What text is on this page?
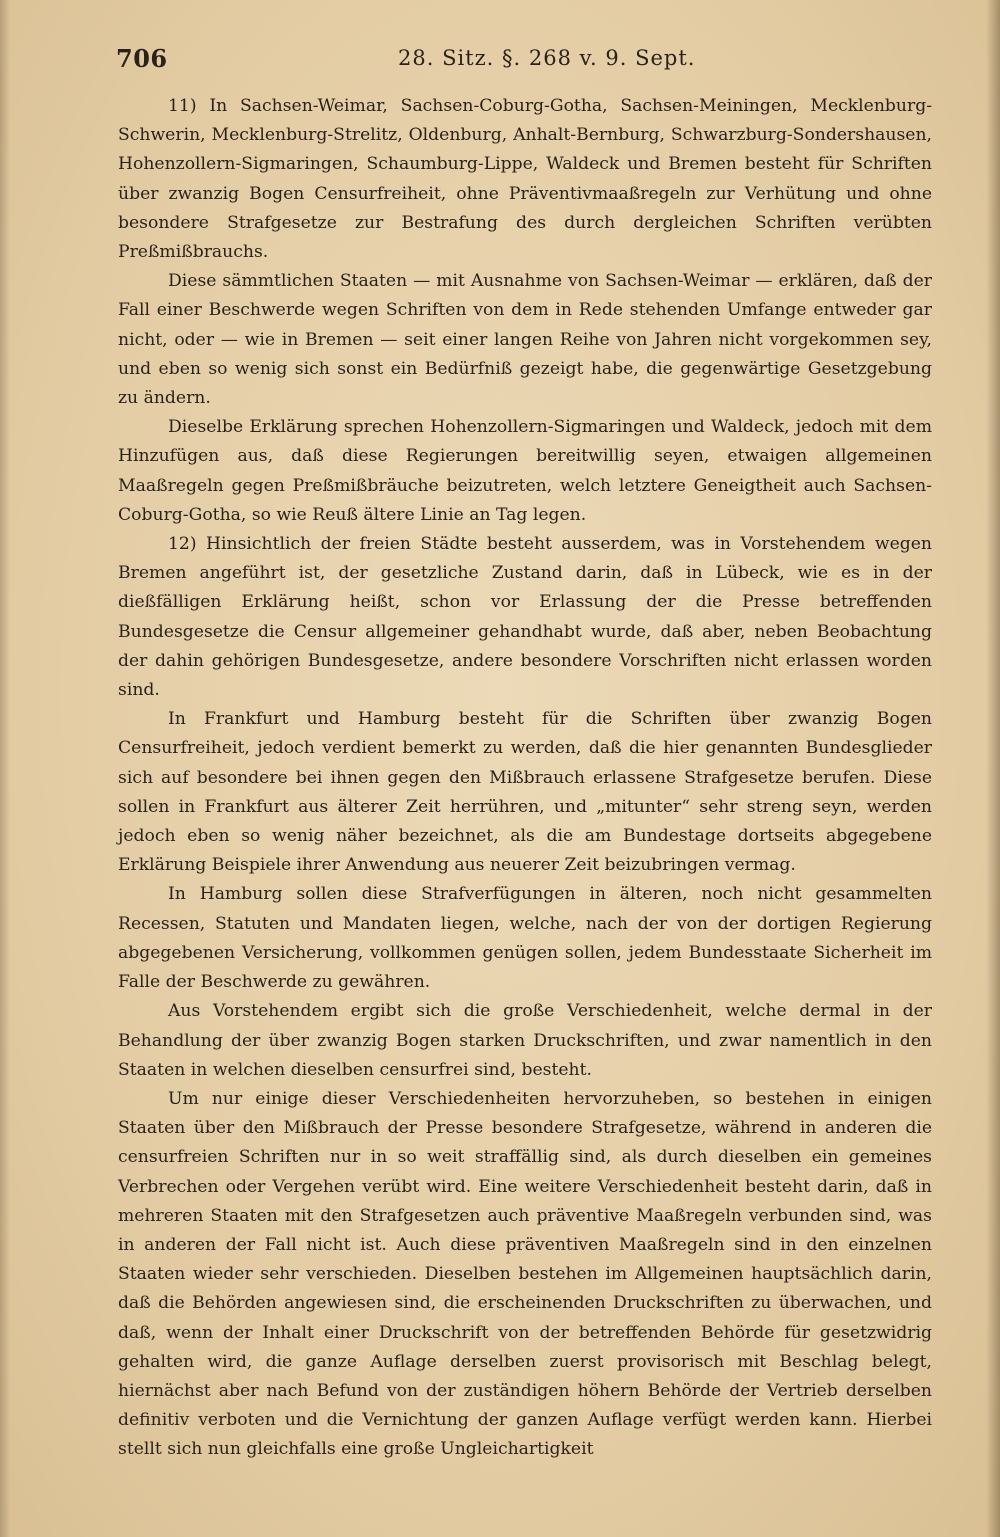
706	28. Sitz. §. 268 v. 9. Sept.

11) In Sachsen-Weimar, Sachsen-Coburg-Gotha, Sachsen-Meiningen, Mecklenburg-Schwerin, Mecklenburg-Strelitz, Oldenburg, Anhalt-Bernburg, Schwarzburg-Sondershausen, Hohenzollern-Sigmaringen, Schaumburg-Lippe, Waldeck und Bremen besteht für Schriften über zwanzig Bogen Censurfreiheit, ohne Präventivmaaßregeln zur Verhütung und ohne besondere Strafgesetze zur Bestrafung des durch dergleichen Schriften verübten Preßmißbrauchs.

Diese sämmtlichen Staaten — mit Ausnahme von Sachsen-Weimar — erklären, daß der Fall einer Beschwerde wegen Schriften von dem in Rede stehenden Umfange entweder gar nicht, oder — wie in Bremen — seit einer langen Reihe von Jahren nicht vorgekommen sey, und eben so wenig sich sonst ein Bedürfniß gezeigt habe, die gegenwärtige Gesetzgebung zu ändern.

Dieselbe Erklärung sprechen Hohenzollern-Sigmaringen und Waldeck, jedoch mit dem Hinzufügen aus, daß diese Regierungen bereitwillig seyen, etwaigen allgemeinen Maaßregeln gegen Preßmißbräuche beizutreten, welch letztere Geneigtheit auch Sachsen-Coburg-Gotha, so wie Reuß ältere Linie an Tag legen.

12) Hinsichtlich der freien Städte besteht ausserdem, was in Vorstehendem wegen Bremen angeführt ist, der gesetzliche Zustand darin, daß in Lübeck, wie es in der dießfälligen Erklärung heißt, schon vor Erlassung der die Presse betreffenden Bundesgesetze die Censur allgemeiner gehandhabt wurde, daß aber, neben Beobachtung der dahin gehörigen Bundesgesetze, andere besondere Vorschriften nicht erlassen worden sind.

In Frankfurt und Hamburg besteht für die Schriften über zwanzig Bogen Censurfreiheit, jedoch verdient bemerkt zu werden, daß die hier genannten Bundesglieder sich auf besondere bei ihnen gegen den Mißbrauch erlassene Strafgesetze berufen. Diese sollen in Frankfurt aus älterer Zeit herrühren, und „mitunter“ sehr streng seyn, werden jedoch eben so wenig näher bezeichnet, als die am Bundestage dortseits abgegebene Erklärung Beispiele ihrer Anwendung aus neuerer Zeit beizubringen vermag.

In Hamburg sollen diese Strafverfügungen in älteren, noch nicht gesammelten Recessen, Statuten und Mandaten liegen, welche, nach der von der dortigen Regierung abgegebenen Versicherung, vollkommen genügen sollen, jedem Bundesstaate Sicherheit im Falle der Beschwerde zu gewähren.

Aus Vorstehendem ergibt sich die große Verschiedenheit, welche dermal in der Behandlung der über zwanzig Bogen starken Druckschriften, und zwar namentlich in den Staaten in welchen dieselben censurfrei sind, besteht.

Um nur einige dieser Verschiedenheiten hervorzuheben, so bestehen in einigen Staaten über den Mißbrauch der Presse besondere Strafgesetze, während in anderen die censurfreien Schriften nur in so weit straffällig sind, als durch dieselben ein gemeines Verbrechen oder Vergehen verübt wird. Eine weitere Verschiedenheit besteht darin, daß in mehreren Staaten mit den Strafgesetzen auch präventive Maaßregeln verbunden sind, was in anderen der Fall nicht ist. Auch diese präventiven Maaßregeln sind in den einzelnen Staaten wieder sehr verschieden. Dieselben bestehen im Allgemeinen hauptsächlich darin, daß die Behörden angewiesen sind, die erscheinenden Druckschriften zu überwachen, und daß, wenn der Inhalt einer Druckschrift von der betreffenden Behörde für gesetzwidrig gehalten wird, die ganze Auflage derselben zuerst provisorisch mit Beschlag belegt, hiernächst aber nach Befund von der zuständigen höhern Behörde der Vertrieb derselben definitiv verboten und die Vernichtung der ganzen Auflage verfügt werden kann. Hierbei stellt sich nun gleichfalls eine große Ungleichartigkeit
